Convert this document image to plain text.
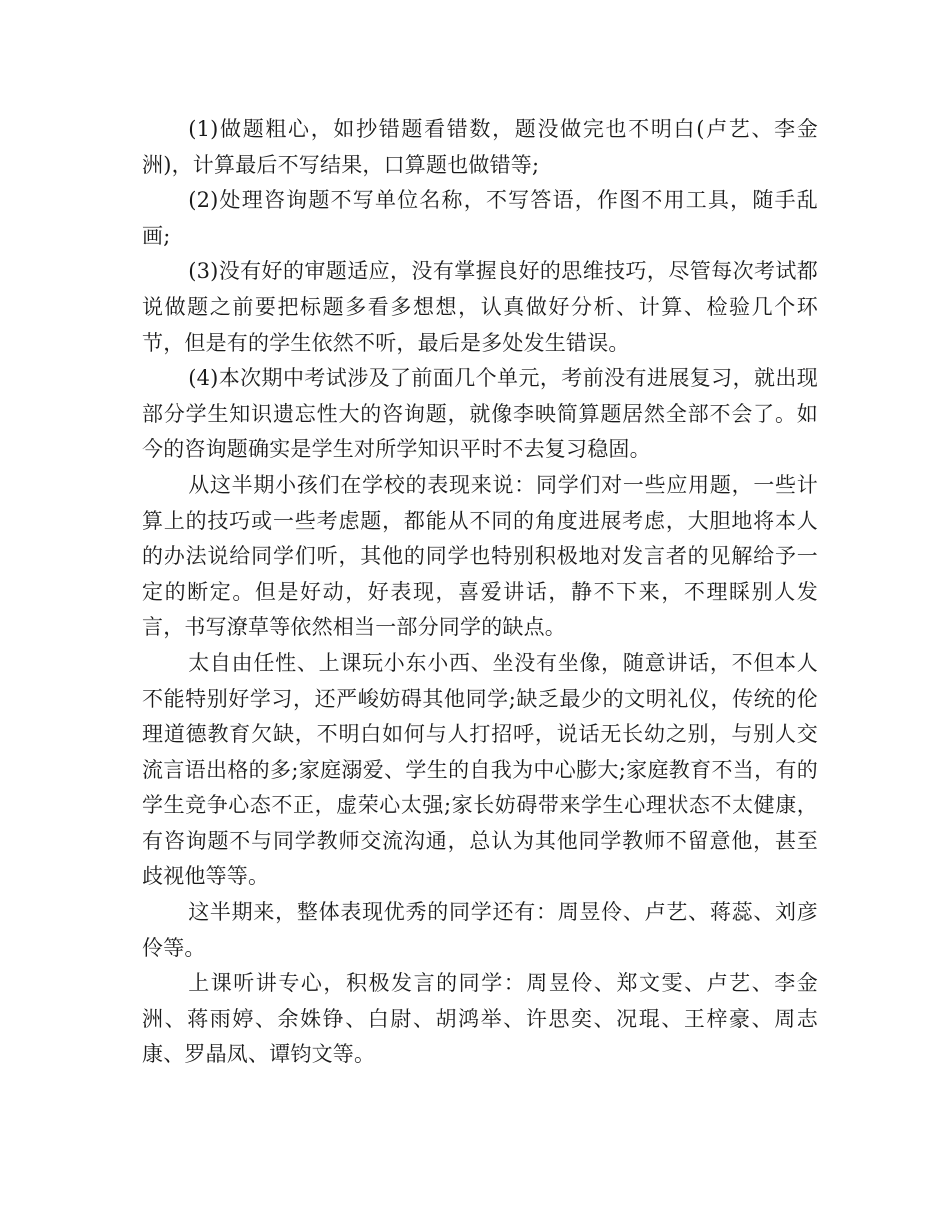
(1)做题粗心，如抄错题看错数，题没做完也不明白(卢艺、李金洲)，计算最后不写结果，口算题也做错等;

(2)处理咨询题不写单位名称，不写答语，作图不用工具，随手乱画;

(3)没有好的审题适应，没有掌握良好的思维技巧，尽管每次考试都说做题之前要把标题多看多想想，认真做好分析、计算、检验几个环节，但是有的学生依然不听，最后是多处发生错误。

(4)本次期中考试涉及了前面几个单元，考前没有进展复习，就出现部分学生知识遗忘性大的咨询题，就像李映简算题居然全部不会了。如今的咨询题确实是学生对所学知识平时不去复习稳固。

从这半期小孩们在学校的表现来说：同学们对一些应用题，一些计算上的技巧或一些考虑题，都能从不同的角度进展考虑，大胆地将本人的办法说给同学们听，其他的同学也特别积极地对发言者的见解给予一定的断定。但是好动，好表现，喜爱讲话，静不下来，不理睬别人发言，书写潦草等依然相当一部分同学的缺点。

太自由任性、上课玩小东小西、坐没有坐像，随意讲话，不但本人不能特别好学习，还严峻妨碍其他同学;缺乏最少的文明礼仪，传统的伦理道德教育欠缺，不明白如何与人打招呼，说话无长幼之别，与别人交流言语出格的多;家庭溺爱、学生的自我为中心膨大;家庭教育不当，有的学生竞争心态不正，虚荣心太强;家长妨碍带来学生心理状态不太健康，有咨询题不与同学教师交流沟通，总认为其他同学教师不留意他，甚至歧视他等等。

这半期来，整体表现优秀的同学还有：周昱伶、卢艺、蒋蕊、刘彦伶等。

上课听讲专心，积极发言的同学：周昱伶、郑文雯、卢艺、李金洲、蒋雨婷、余姝铮、白尉、胡鸿举、许思奕、况琨、王梓豪、周志康、罗晶凤、谭钧文等。
